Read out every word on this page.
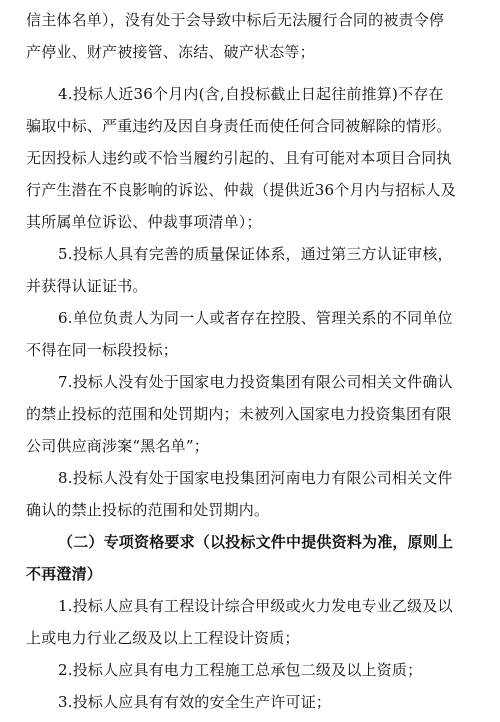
信主体名单），没有处于会导致中标后无法履行合同的被责令停
产停业、财产被接管、冻结、破产状态等；
4.投标人近36个月内(含,自投标截止日起往前推算)不存在
骗取中标、严重违约及因自身责任而使任何合同被解除的情形。
无因投标人违约或不恰当履约引起的、且有可能对本项目合同执
行产生潜在不良影响的诉讼、仲裁（提供近36个月内与招标人及
其所属单位诉讼、仲裁事项清单）；
5.投标人具有完善的质量保证体系，通过第三方认证审核，
并获得认证证书。
6.单位负责人为同一人或者存在控股、管理关系的不同单位
不得在同一标段投标；
7.投标人没有处于国家电力投资集团有限公司相关文件确认
的禁止投标的范围和处罚期内；未被列入国家电力投资集团有限
公司供应商涉案“黑名单”；
8.投标人没有处于国家电投集团河南电力有限公司相关文件
确认的禁止投标的范围和处罚期内。
（二）专项资格要求（以投标文件中提供资料为准，原则上
不再澄清）
1.投标人应具有工程设计综合甲级或火力发电专业乙级及以
上或电力行业乙级及以上工程设计资质；
2.投标人应具有电力工程施工总承包二级及以上资质；
3.投标人应具有有效的安全生产许可证；
